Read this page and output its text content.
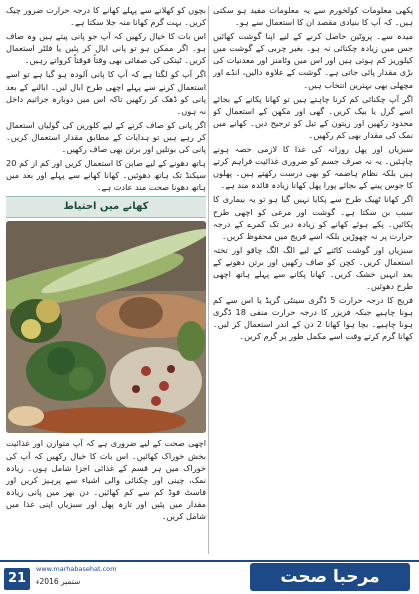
پکھی معلومات کولخورم سے یہ معلومات مفید ہو سکتی ہیں۔ کہ آپ کا بنیادی مقصد ان کا استعمال سے ہو۔

میدہ سے۔ پروٹین حاصل کرنے کے لیے اپنا گوشت کھائیں جس میں زیادہ چکنائی نہ ہو۔ بغیر چربی کے گوشت میں کیلوریز کم ہوتی ہیں اور اس میں وٹامنز اور معدنیات کی بڑی مقدار پائی جاتی ہے۔ گوشت کے علاوہ دالیں، انڈے اور مچھلی بھی بہترین انتخاب ہیں۔

اگر آپ چکنائی کم کرنا چاہتے ہیں تو کھانا پکانے کے بجائے اسے گرل یا بیک کریں۔ گھی اور مکھن کے استعمال کو محدود رکھیں اور زیتون کے تیل کو ترجیح دیں۔ کھانے میں نمک کی مقدار بھی کم رکھیں۔

سبزیاں اور پھل روزانہ کی غذا کا لازمی حصہ ہونے چاہئیں۔ یہ نہ صرف جسم کو ضروری غذائیت فراہم کرتے ہیں بلکہ نظام ہاضمہ کو بھی درست رکھتے ہیں۔ پھلوں کا جوس پینے کے بجائے پورا پھل کھانا زیادہ فائدہ مند ہے۔

اگر کھانا ٹھیک طرح سے پکایا نہیں گیا ہو تو یہ بیماری کا سبب بن سکتا ہے۔ گوشت اور مرغی کو اچھی طرح پکائیں۔ پکے ہوئے کھانے کو زیادہ دیر تک کمرے کے درجہ حرارت پر نہ چھوڑیں بلکہ اسے فریج میں محفوظ کریں۔

سبزیاں اور گوشت کاٹنے کے لیے الگ الگ چاقو اور تختہ استعمال کریں۔ کچن کو صاف رکھیں اور برتن دھونے کے بعد انہیں خشک کریں۔ کھانا پکانے سے پہلے ہاتھ اچھی طرح دھوئیں۔

فریج کا درجہ حرارت 5 ڈگری سینٹی گریڈ یا اس سے کم ہونا چاہیے جبکہ فریزر کا درجہ حرارت منفی 18 ڈگری ہونا چاہیے۔ بچا ہوا کھانا 2 دن کے اندر استعمال کر لیں۔ کھانا گرم کرتے وقت اسے مکمل طور پر گرم کریں۔

بچوں کو کھلانے سے پہلے کھانے کا درجہ حرارت ضرور چیک کریں۔ بہت گرم کھانا منہ جلا سکتا ہے۔

اس بات کا خیال رکھیں کہ آپ جو پانی پیتے ہیں وہ صاف ہو۔ اگر ممکن ہو تو پانی ابال کر پئیں یا فلٹر استعمال کریں۔ ٹینکی کی صفائی بھی وقتاً فوقتاً کرواتے رہیں۔

اگر آپ کو لگتا ہے کہ آپ کا پانی آلودہ ہو گیا ہے تو اسے استعمال کرنے سے پہلے اچھی طرح ابال لیں۔ ابالنے کے بعد پانی کو ڈھک کر رکھیں تاکہ اس میں دوبارہ جراثیم داخل نہ ہوں۔

اگر پانی کو صاف کرنے کے لیے کلورین کی گولیاں استعمال کر رہے ہیں تو ہدایات کے مطابق مقدار استعمال کریں۔ پانی کی بوتلیں اور برتن بھی صاف رکھیں۔

ہاتھ دھونے کے لیے صابن کا استعمال کریں اور کم از کم 20 سیکنڈ تک ہاتھ دھوئیں۔ کھانا کھانے سے پہلے اور بعد میں ہاتھ دھونا صحت مند عادت ہے۔

کھانے میں احتیاط

اچھی صحت کے لیے ضروری ہے کہ آپ متوازن اور غذائیت بخش خوراک کھائیں۔ اس بات کا خیال رکھیں کہ آپ کی خوراک میں ہر قسم کے غذائی اجزا شامل ہوں۔ زیادہ نمک، چینی اور چکنائی والی اشیاء سے پرہیز کریں اور فاسٹ فوڈ کم سے کم کھائیں۔ دن بھر میں پانی زیادہ مقدار میں پئیں اور تازہ پھل اور سبزیاں اپنی غذا میں شامل کریں۔

21
www.marhabasehat.com
ستمبر 2016ء	مرحبا صحت
